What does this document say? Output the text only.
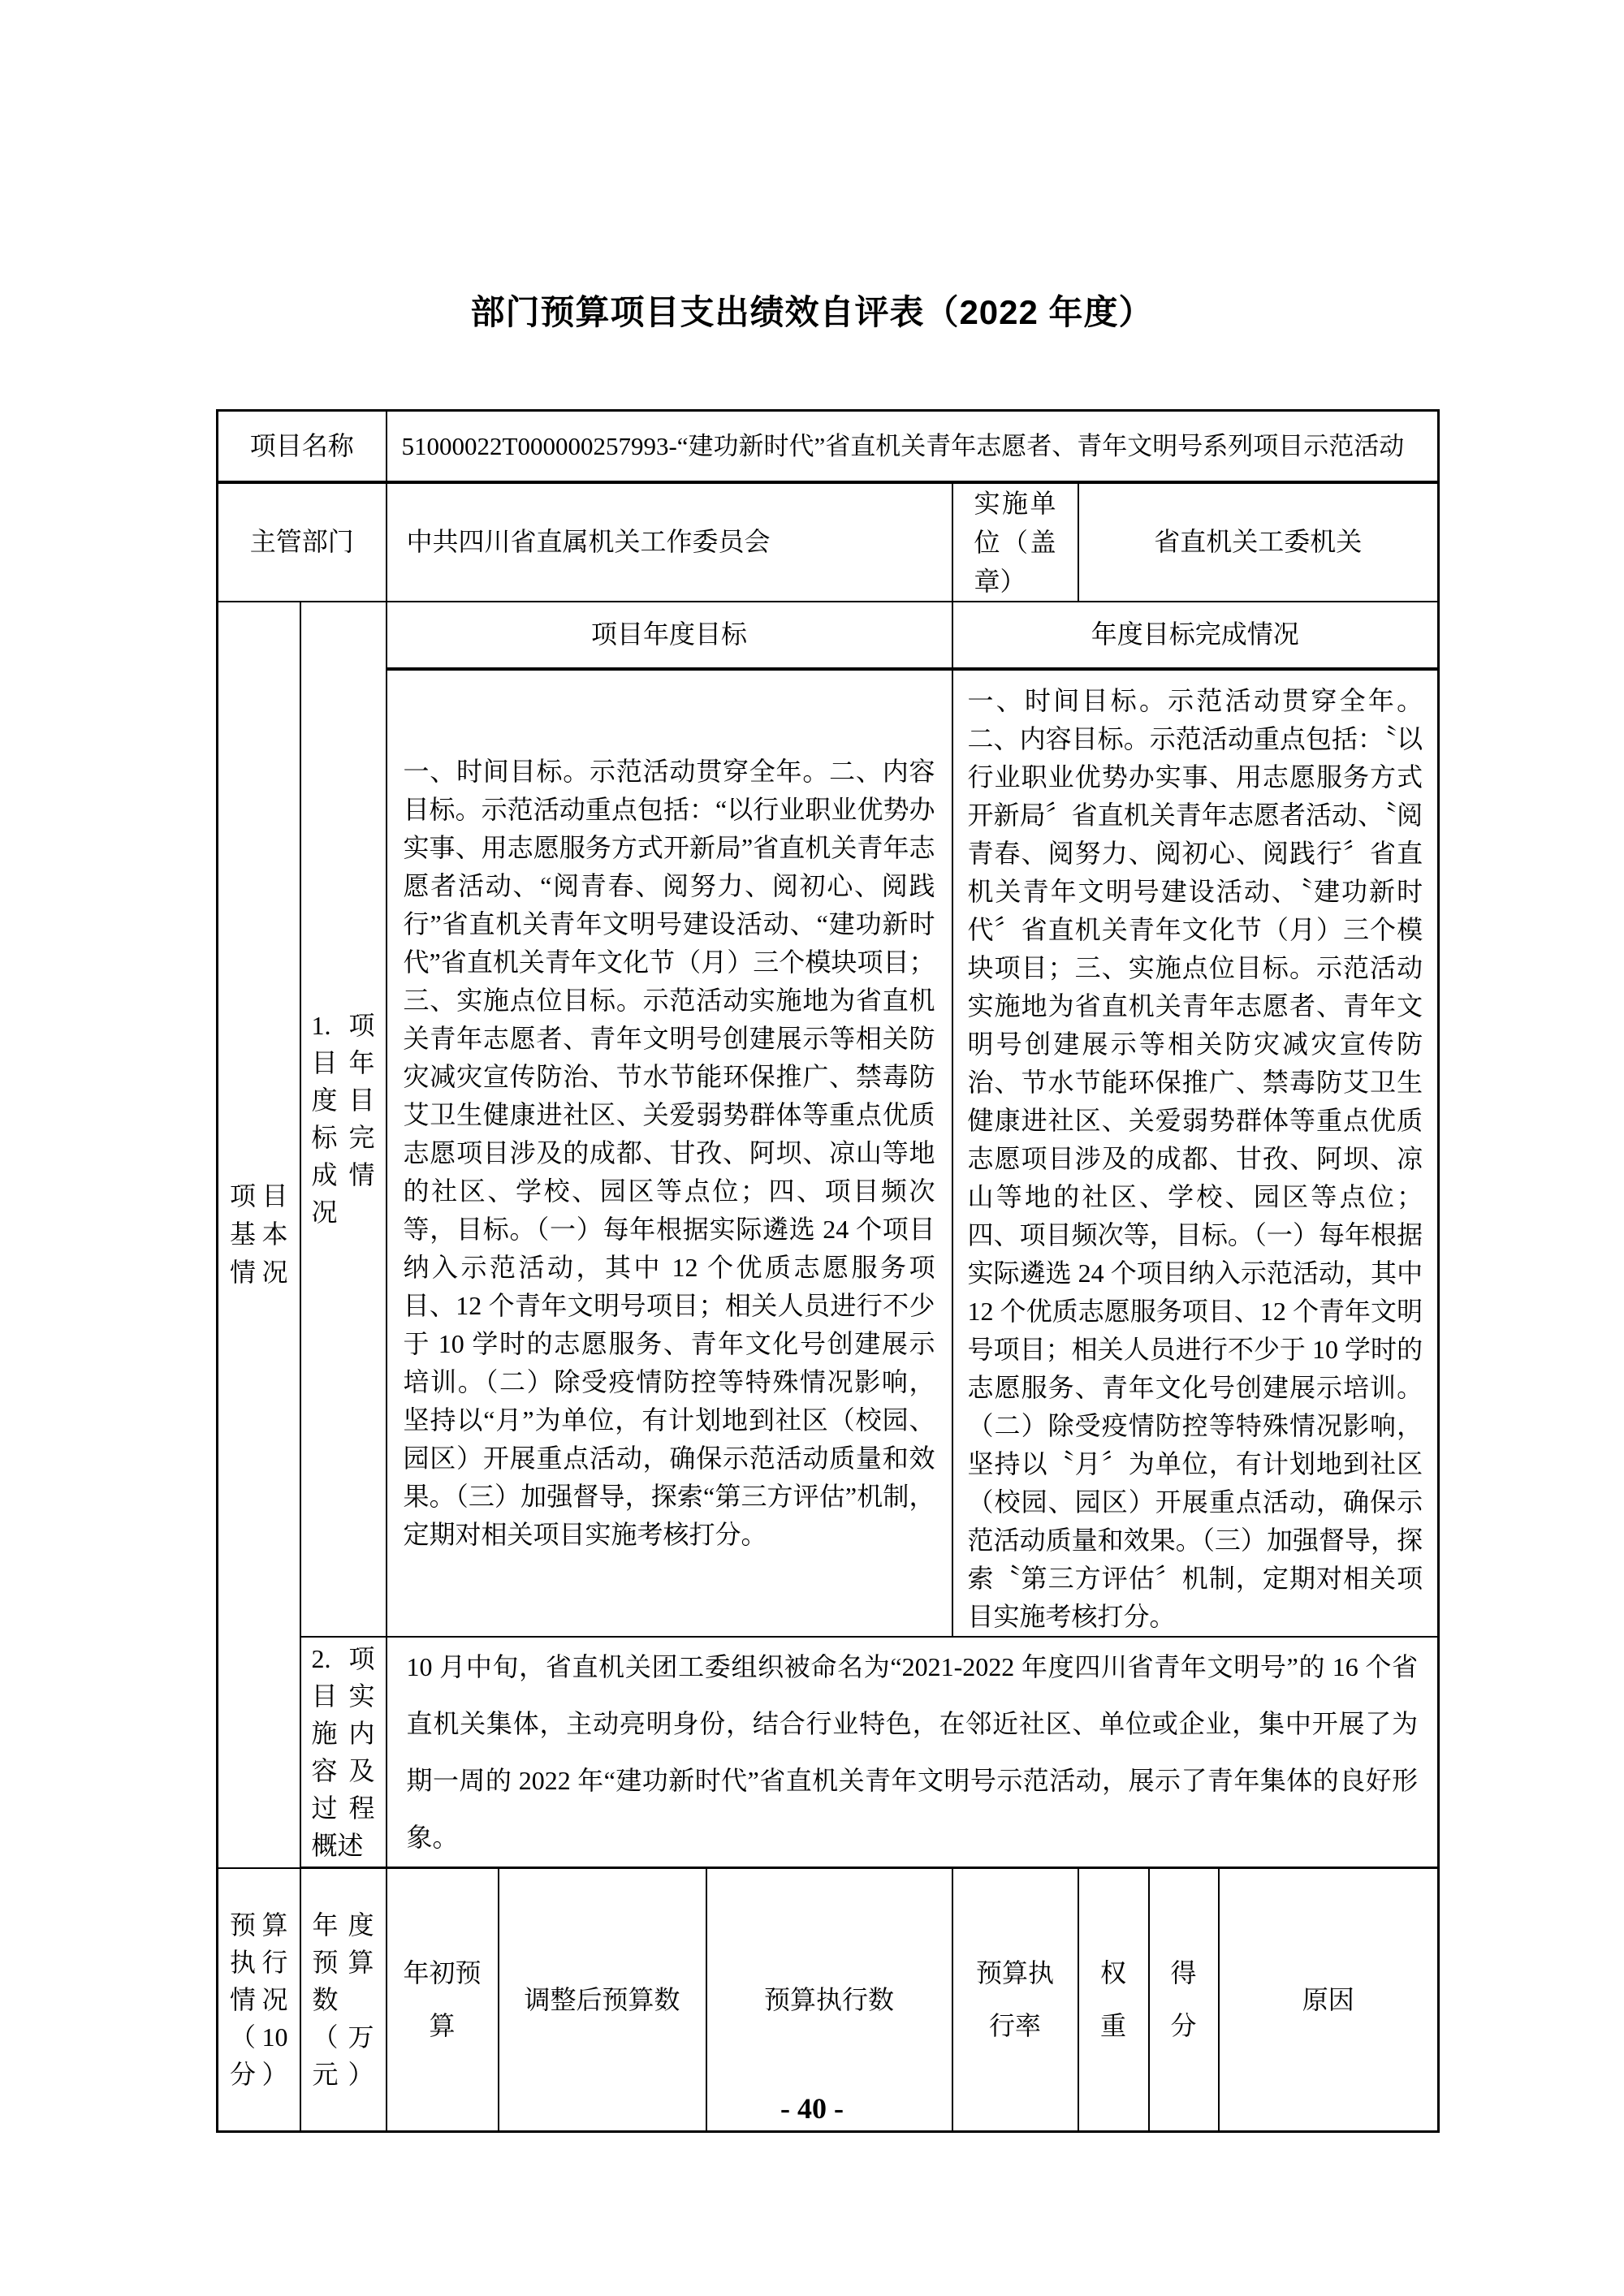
部门预算项目支出绩效自评表（2022 年度）
项目名称		51000022T000000257993-“建功新时代”省直机关青年志愿者、青年文明号系列项目示范活动						
主管部门		中共四川省直属机关工作委员会			实施单位（盖章）	省直机关工委机关		
项目基本情况	1.项目年度目标完成情况	项目年度目标			年度目标完成情况			
一、时间目标。示范活动贯穿全年。二、内容目标。示范活动重点包括：“以行业职业优势办实事、用志愿服务方式开新局”省直机关青年志愿者活动、“阅青春、阅努力、阅初心、阅践行”省直机关青年文明号建设活动、“建功新时代”省直机关青年文化节（月）三个模块项目；三、实施点位目标。示范活动实施地为省直机关青年志愿者、青年文明号创建展示等相关防灾减灾宣传防治、节水节能环保推广、禁毒防艾卫生健康进社区、关爱弱势群体等重点优质志愿项目涉及的成都、甘孜、阿坝、凉山等地的社区、学校、园区等点位；四、项目频次等，目标。（一）每年根据实际遴选 24 个项目纳入示范活动，其中 12 个优质志愿服务项目、12 个青年文明号项目；相关人员进行不少于 10 学时的志愿服务、青年文化号创建展示培训。（二）除受疫情防控等特殊情况影响，坚持以“月”为单位，有计划地到社区（校园、园区）开展重点活动，确保示范活动质量和效果。（三）加强督导，探索“第三方评估”机制，定期对相关项目实施考核打分。	一、时间目标。示范活动贯穿全年。二、内容目标。示范活动重点包括：〝以行业职业优势办实事、用志愿服务方式开新局〞省直机关青年志愿者活动、〝阅青春、阅努力、阅初心、阅践行〞省直机关青年文明号建设活动、〝建功新时代〞省直机关青年文化节（月）三个模块项目；三、实施点位目标。示范活动实施地为省直机关青年志愿者、青年文明号创建展示等相关防灾减灾宣传防治、节水节能环保推广、禁毒防艾卫生健康进社区、关爱弱势群体等重点优质志愿项目涉及的成都、甘孜、阿坝、凉山等地的社区、学校、园区等点位；四、项目频次等，目标。（一）每年根据实际遴选 24 个项目纳入示范活动，其中 12 个优质志愿服务项目、12 个青年文明号项目；相关人员进行不少于 10 学时的志愿服务、青年文化号创建展示培训。（二）除受疫情防控等特殊情况影响，坚持以〝月〞为单位，有计划地到社区（校园、园区）开展重点活动，确保示范活动质量和效果。（三）加强督导，探索〝第三方评估〞机制，定期对相关项目实施考核打分。
	2.项目实施内容及过程概述	10 月中旬，省直机关团工委组织被命名为“2021-2022 年度四川省青年文明号”的 16 个省直机关集体，主动亮明身份，结合行业特色，在邻近社区、单位或企业，集中开展了为期一周的 2022 年“建功新时代”省直机关青年文明号示范活动，展示了青年集体的良好形象。						
预算执行情况（10 分）	年度预算数（万元）	年初预算	调整后预算数	预算执行数	预算执行率	权重	得分	原因
- 40 -
